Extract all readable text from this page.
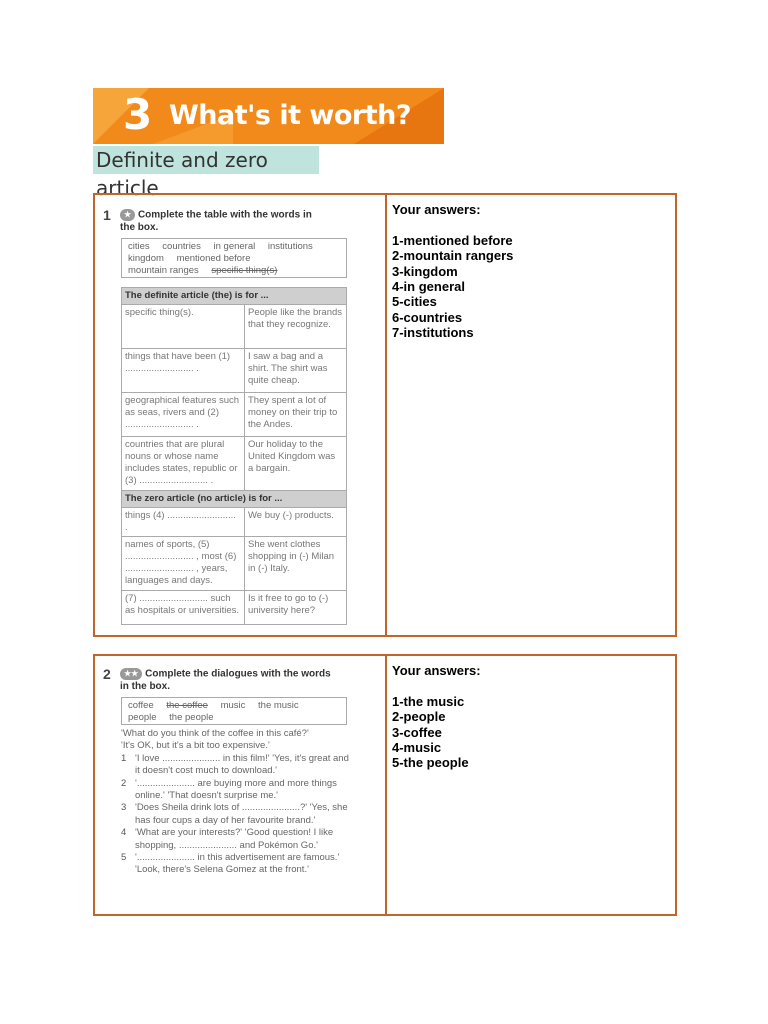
3 What's it worth?
Definite and zero article
1	★ Complete the table with the words in
the box.
cities countries in general institutions
kingdom mentioned before
mountain ranges specific thing(s)
The definite article (the) is for ...	
specific thing(s).	People like the brands that they recognize.
things that have been (1) .......................... .	I saw a bag and a shirt. The shirt was quite cheap.
geographical features such as seas, rivers and (2) .......................... .	They spent a lot of money on their trip to the Andes.
countries that are plural nouns or whose name includes states, republic or (3) .......................... .	Our holiday to the United Kingdom was a bargain.
The zero article (no article) is for ...	
things (4) .......................... .	We buy (-) products.
names of sports, (5) .......................... , most (6) .......................... , years, languages and days.	She went clothes shopping in (-) Milan in (-) Italy.
(7) .......................... such as hospitals or universities.	Is it free to go to (-) university here?
Your answers:
1-mentioned before
2-mountain rangers
3-kingdom
4-in general
5-cities
6-countries
7-institutions
2	★★ Complete the dialogues with the words
in the box.
coffee the coffee music the music
people the people
'What do you think of the coffee in this café?'
'It's OK, but it's a bit too expensive.'
1 'I love ...................... in this film!' 'Yes, it's great and it doesn't cost much to download.'
2 '...................... are buying more and more things online.' 'That doesn't surprise me.'
3 'Does Sheila drink lots of ......................?' 'Yes, she has four cups a day of her favourite brand.'
4 'What are your interests?' 'Good question! I like shopping, ...................... and Pokémon Go.'
5 '...................... in this advertisement are famous.' 'Look, there's Selena Gomez at the front.'
Your answers:
1-the music
2-people
3-coffee
4-music
5-the people
